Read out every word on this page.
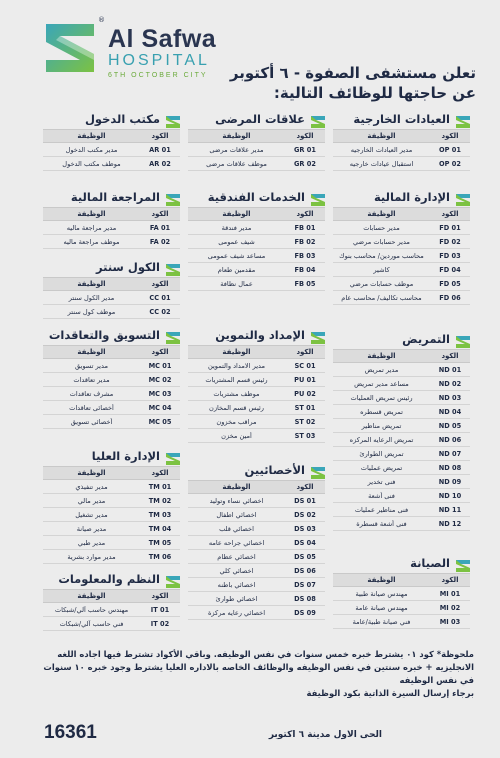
®
Al Safwa
HOSPITAL
6TH OCTOBER CITY	تعلن مستشفى الصفوة - ٦ أكتوبر
عن حاجتها للوظائف التالية:
العيادات الخارجية
الكود
الوظيفة
OP 01
مدير العيادات الخارجيه
OP 02
استقبال عيادات خارجيه
علاقات المرضى
الكود
الوظيفة
GR 01
مدير علاقات مرضى
GR 02
موظف علاقات مرضى
مكتب الدخول
الكود
الوظيفة
AR 01
مدير مكتب الدخول
AR 02
موظف مكتب الدخول
الإدارة المالية
الكود
الوظيفة
FD 01
مدير حسابات
FD 02
مدير حسابات مرضي
FD 03
محاسب موردين/ محاسب بنوك
FD 04
كاشير
FD 05
موظف حسابات مرضي
FD 06
محاسب تكاليف/ محاسب عام
الخدمات الفندقية
الكود
الوظيفة
FB 01
مدير فندقة
FB 02
شيف عمومى
FB 03
مساعد شيف عمومى
FB 04
مقدمين طعام
FB 05
عمال نظافة
المراجعة المالية
الكود
الوظيفة
FA 01
مدير مراجعة ماليه
FA 02
موظف مراجعة ماليه
الكول سنتر
الكود
الوظيفة
CC 01
مدير الكول سنتر
CC 02
موظف كول سنتر
التمريض
الكود
الوظيفة
ND 01
مدير تمريض
ND 02
مساعد مدير تمريض
ND 03
رئيس تمريض العمليات
ND 04
تمريض قسطره
ND 05
تمريض مناظير
ND 06
تمريض الرعايه المركزه
ND 07
تمريض الطوارئ
ND 08
تمريض عمليات
ND 09
فنى تخدير
ND 10
فنى أشعة
ND 11
فنى مناظير عمليات
ND 12
فنى أشعة قسطرة
الإمداد والتموين
الكود
الوظيفة
SC 01
مدير الامداد والتموين
PU 01
رئيس قسم المشتريات
PU 02
موظف مشتريات
ST 01
رئيس قسم المخازن
ST 02
مراقب مخزون
ST 03
أمين مخزن
التسويق والتعاقدات
الكود
الوظيفة
MC 01
مدير تسويق
MC 02
مدير تعاقدات
MC 03
مشرف تعاقدات
MC 04
أخصائى تعاقدات
MC 05
أخصائى تسويق
الإدارة العليا
الكود
الوظيفة
TM 01
مدير تنفيذي
TM 02
مدير مالي
TM 03
مدير تشغيل
TM 04
مدير صيانة
TM 05
مدير طبي
TM 06
مدير موارد بشرية
الأخصائيين
الكود
الوظيفة
DS 01
اخصائي نساء وتوليد
DS 02
اخصائي اطفال
DS 03
اخصائي قلب
DS 04
اخصائي جراحه عامه
DS 05
اخصائي عظام
DS 06
اخصائي كلي
DS 07
اخصائي باطنه
DS 08
اخصائي طوارئ
DS 09
اخصائي رعايه مركزة
الصيانة
الكود
الوظيفة
MI 01
مهندس صيانة طبية
MI 02
مهندس صيانة عامة
MI 03
فني صيانة طبية/عامة
النظم والمعلومات
الكود
الوظيفة
IT 01
مهندس حاسب آلي/شبكات
IT 02
فني حاسب آلي/شبكات
ملحوظة* كود ٠١ يشترط خبره خمس سنوات في نفس الوظيفه. وباقي الأكواد تشترط فيها اجاده اللغه
الانجليزيه + خبره سنتين في نفس الوظيفه والوظائف الخاصه بالاداره العليا يشترط وجود خبره ١٠ سنوات
في نفس الوظيفه
برجاء إرسال السيرة الذاتية بكود الوظيفة
16361	الحى الاول مدينة ٦ اكتوبر
